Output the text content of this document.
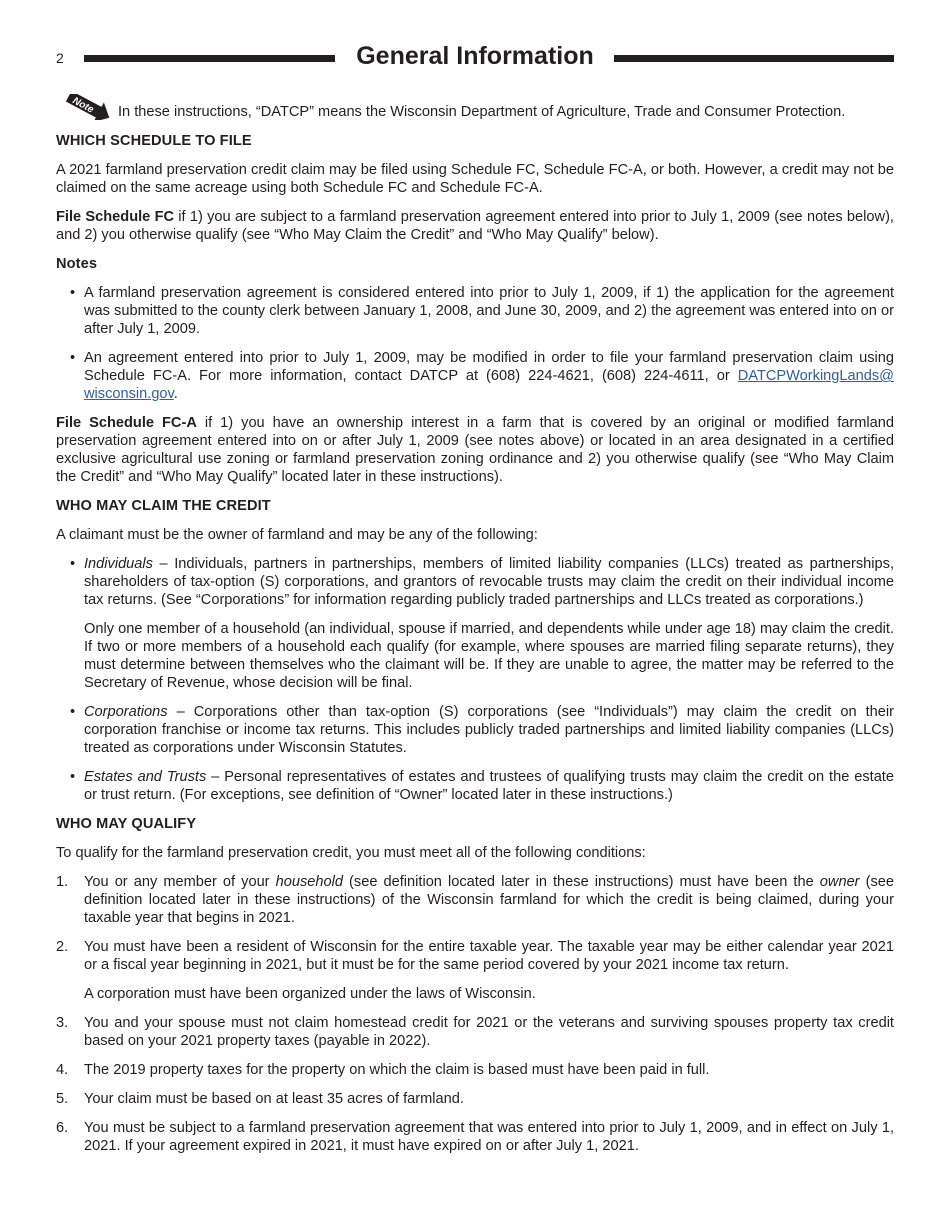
2	General Information
Note In these instructions, “DATCP” means the Wisconsin Department of Agriculture, Trade and Consumer Protection.
WHICH SCHEDULE TO FILE

A 2021 farmland preservation credit claim may be filed using Schedule FC, Schedule FC-A, or both. However, a credit may not be claimed on the same acreage using both Schedule FC and Schedule FC-A.

File Schedule FC if 1) you are subject to a farmland preservation agreement entered into prior to July 1, 2009 (see notes below), and 2) you otherwise qualify (see “Who May Claim the Credit” and “Who May Qualify” below).

Notes
• A farmland preservation agreement is considered entered into prior to July 1, 2009, if 1) the application for the agreement was submitted to the county clerk between January 1, 2008, and June 30, 2009, and 2) the agreement was entered into on or after July 1, 2009.
• An agreement entered into prior to July 1, 2009, may be modified in order to file your farmland preservation claim using Schedule FC-A. For more information, contact DATCP at (608) 224-4621, (608) 224-4611, or DATCPWorkingLands@ wisconsin.gov.

File Schedule FC-A if 1) you have an ownership interest in a farm that is covered by an original or modified farmland preservation agreement entered into on or after July 1, 2009 (see notes above) or located in an area designated in a certified exclusive agricultural use zoning or farmland preservation zoning ordinance and 2) you otherwise qualify (see “Who May Claim the Credit” and “Who May Qualify” located later in these instructions).

WHO MAY CLAIM THE CREDIT

A claimant must be the owner of farmland and may be any of the following:

• Individuals – Individuals, partners in partnerships, members of limited liability companies (LLCs) treated as partnerships, shareholders of tax-option (S) corporations, and grantors of revocable trusts may claim the credit on their individual income tax returns. (See “Corporations” for information regarding publicly traded partnerships and LLCs treated as corporations.)
Only one member of a household (an individual, spouse if married, and dependents while under age 18) may claim the credit. If two or more members of a household each qualify (for example, where spouses are married filing separate returns), they must determine between themselves who the claimant will be. If they are unable to agree, the matter may be referred to the Secretary of Revenue, whose decision will be final.
• Corporations – Corporations other than tax-option (S) corporations (see “Individuals”) may claim the credit on their corporation franchise or income tax returns. This includes publicly traded partnerships and limited liability companies (LLCs) treated as corporations under Wisconsin Statutes.
• Estates and Trusts – Personal representatives of estates and trustees of qualifying trusts may claim the credit on the estate or trust return. (For exceptions, see definition of “Owner” located later in these instructions.)
WHO MAY QUALIFY

To qualify for the farmland preservation credit, you must meet all of the following conditions:

1. You or any member of your household (see definition located later in these instructions) must have been the owner (see definition located later in these instructions) of the Wisconsin farmland for which the credit is being claimed, during your taxable year that begins in 2021.
2. You must have been a resident of Wisconsin for the entire taxable year. The taxable year may be either calendar year 2021 or a fiscal year beginning in 2021, but it must be for the same period covered by your 2021 income tax return.
A corporation must have been organized under the laws of Wisconsin.
3. You and your spouse must not claim homestead credit for 2021 or the veterans and surviving spouses property tax credit based on your 2021 property taxes (payable in 2022).
4. The 2019 property taxes for the property on which the claim is based must have been paid in full.
5. Your claim must be based on at least 35 acres of farmland.
6. You must be subject to a farmland preservation agreement that was entered into prior to July 1, 2009, and in effect on July 1, 2021. If your agreement expired in 2021, it must have expired on or after July 1, 2021.
